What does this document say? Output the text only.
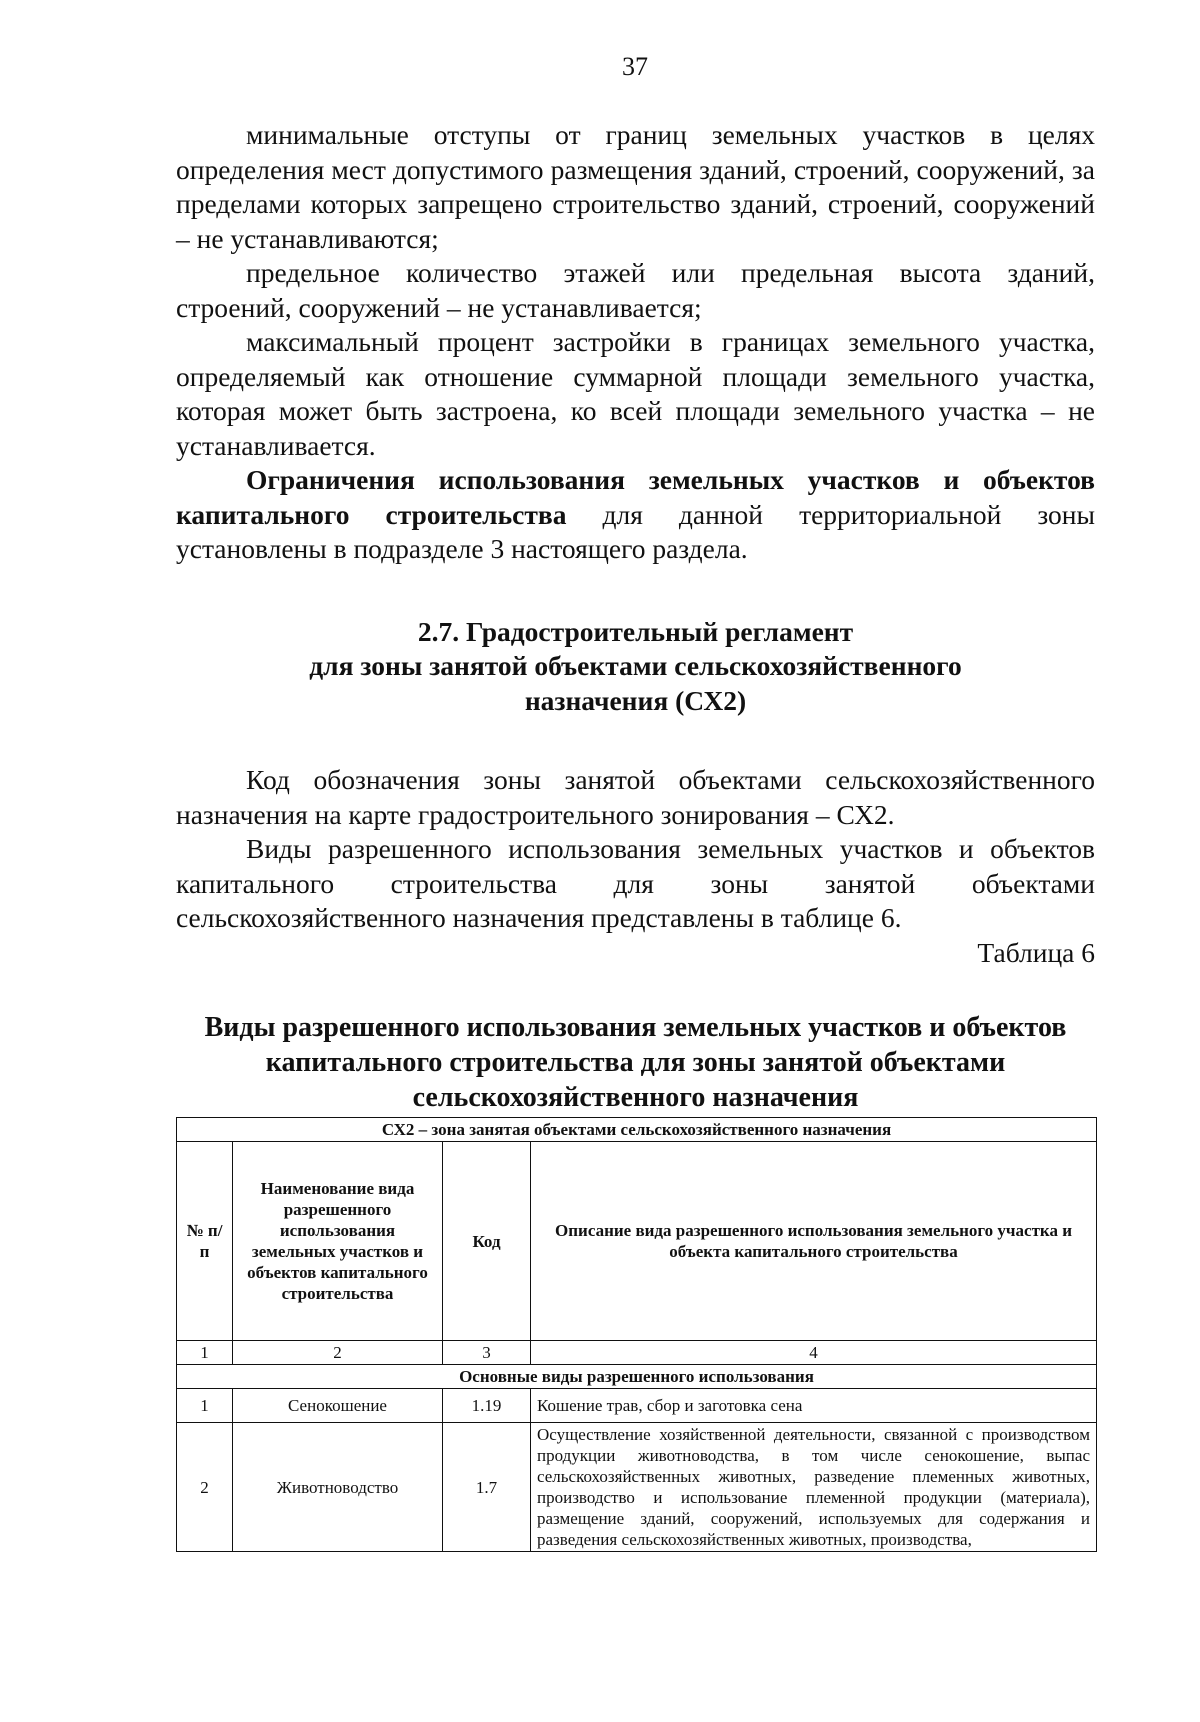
37

минимальные отступы от границ земельных участков в целях определения мест допустимого размещения зданий, строений, сооружений, за пределами которых запрещено строительство зданий, строений, сооружений – не устанавливаются;

предельное количество этажей или предельная высота зданий, строений, сооружений – не устанавливается;

максимальный процент застройки в границах земельного участка, определяемый как отношение суммарной площади земельного участка, которая может быть застроена, ко всей площади земельного участка – не устанавливается.

Ограничения использования земельных участков и объектов капитального строительства для данной территориальной зоны установлены в подразделе 3 настоящего раздела.

2.7. Градостроительный регламент
для зоны занятой объектами сельскохозяйственного
назначения (СХ2)

Код обозначения зоны занятой объектами сельскохозяйственного назначения на карте градостроительного зонирования – СХ2.

Виды разрешенного использования земельных участков и объектов капитального строительства для зоны занятой объектами сельскохозяйственного назначения представлены в таблице 6.

Таблица 6

Виды разрешенного использования земельных участков и объектов
капитального строительства для зоны занятой объектами
сельскохозяйственного назначения
СХ2 – зона занятая объектами сельскохозяйственного назначения			
№ п/п	Наименование вида разрешенного использования земельных участков и объектов капитального строительства	Код	Описание вида разрешенного использования земельного участка и объекта капитального строительства
1	2	3	4
Основные виды разрешенного использования			
1	Сенокошение	1.19	Кошение трав, сбор и заготовка сена
2	Животноводство	1.7	Осуществление хозяйственной деятельности, связанной с производством продукции животноводства, в том числе сенокошение, выпас сельскохозяйственных животных, разведение племенных животных, производство и использование племенной продукции (материала), размещение зданий, сооружений, используемых для содержания и разведения сельскохозяйственных животных, производства,
